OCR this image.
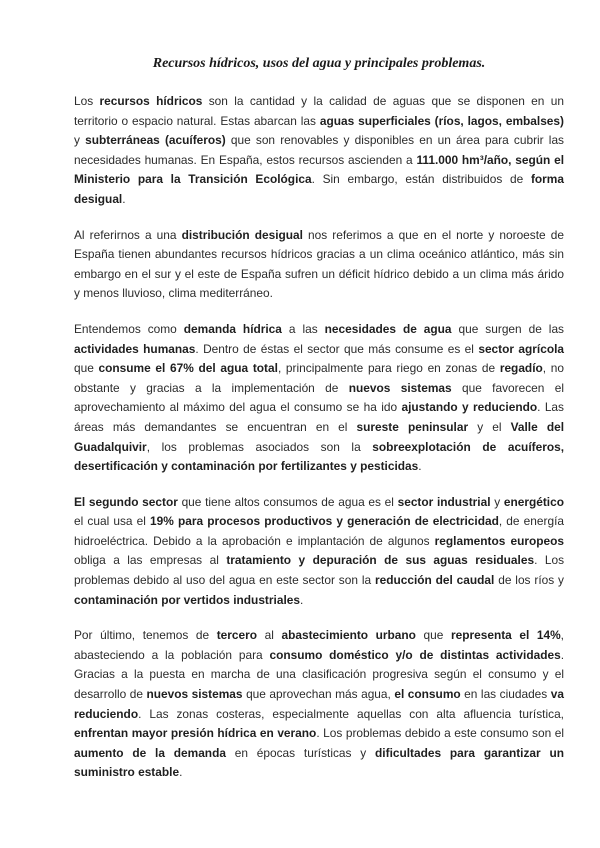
Recursos hídricos, usos del agua y principales problemas.
Los recursos hídricos son la cantidad y la calidad de aguas que se disponen en un territorio o espacio natural. Estas abarcan las aguas superficiales (ríos, lagos, embalses) y subterráneas (acuíferos) que son renovables y disponibles en un área para cubrir las necesidades humanas. En España, estos recursos ascienden a 111.000 hm³/año, según el Ministerio para la Transición Ecológica. Sin embargo, están distribuidos de forma desigual.
Al referirnos a una distribución desigual nos referimos a que en el norte y noroeste de España tienen abundantes recursos hídricos gracias a un clima oceánico atlántico, más sin embargo en el sur y el este de España sufren un déficit hídrico debido a un clima más árido y menos lluvioso, clima mediterráneo.
Entendemos como demanda hídrica a las necesidades de agua que surgen de las actividades humanas. Dentro de éstas el sector que más consume es el sector agrícola que consume el 67% del agua total, principalmente para riego en zonas de regadío, no obstante y gracias a la implementación de nuevos sistemas que favorecen el aprovechamiento al máximo del agua el consumo se ha ido ajustando y reduciendo. Las áreas más demandantes se encuentran en el sureste peninsular y el Valle del Guadalquivir, los problemas asociados son la sobreexplotación de acuíferos, desertificación y contaminación por fertilizantes y pesticidas.
El segundo sector que tiene altos consumos de agua es el sector industrial y energético el cual usa el 19% para procesos productivos y generación de electricidad, de energía hidroeléctrica. Debido a la aprobación e implantación de algunos reglamentos europeos obliga a las empresas al tratamiento y depuración de sus aguas residuales. Los problemas debido al uso del agua en este sector son la reducción del caudal de los ríos y contaminación por vertidos industriales.
Por último, tenemos de tercero al abastecimiento urbano que representa el 14%, abasteciendo a la población para consumo doméstico y/o de distintas actividades. Gracias a la puesta en marcha de una clasificación progresiva según el consumo y el desarrollo de nuevos sistemas que aprovechan más agua, el consumo en las ciudades va reduciendo. Las zonas costeras, especialmente aquellas con alta afluencia turística, enfrentan mayor presión hídrica en verano. Los problemas debido a este consumo son el aumento de la demanda en épocas turísticas y dificultades para garantizar un suministro estable.
